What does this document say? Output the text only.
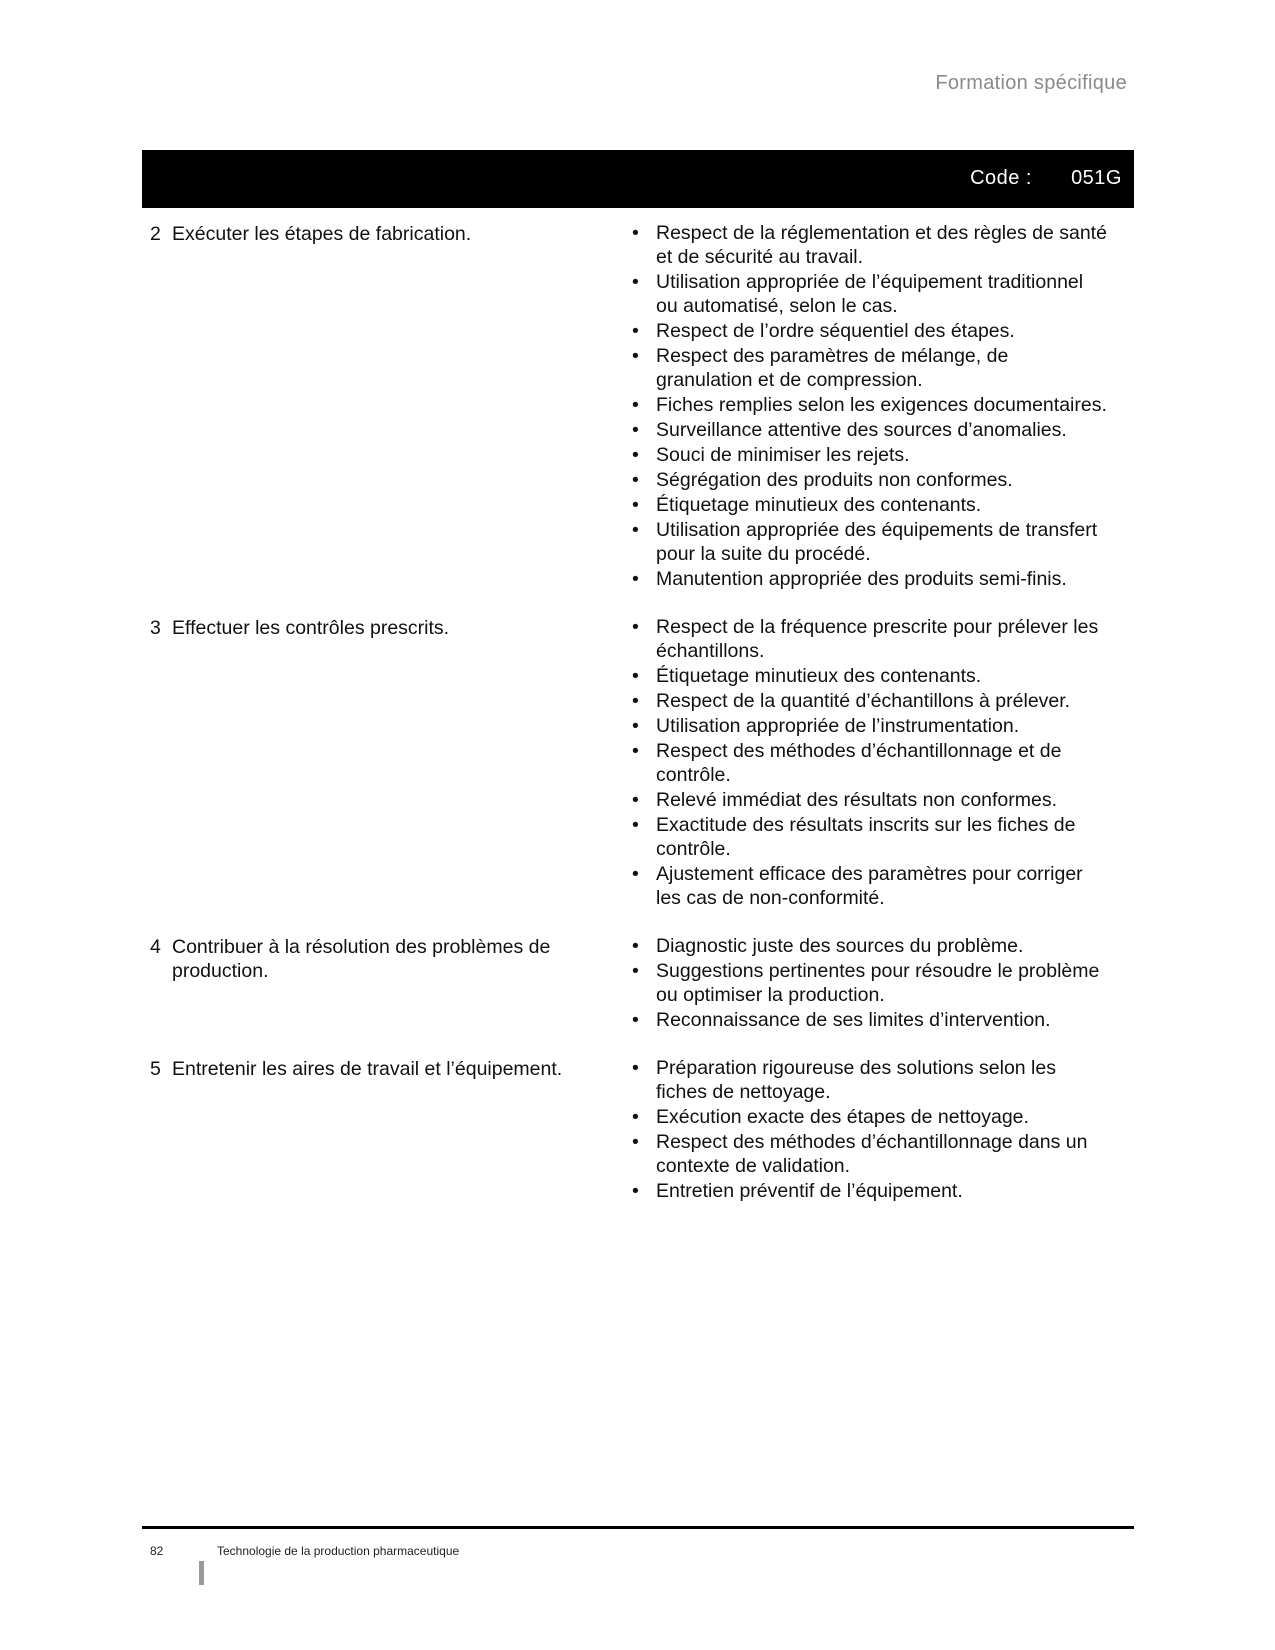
Formation spécifique
Code : 051G
2 Exécuter les étapes de fabrication.	• Respect de la réglementation et des règles de santé et de sécurité au travail.
• Utilisation appropriée de l’équipement traditionnel ou automatisé, selon le cas.
• Respect de l’ordre séquentiel des étapes.
• Respect des paramètres de mélange, de granulation et de compression.
• Fiches remplies selon les exigences documentaires.
• Surveillance attentive des sources d’anomalies.
• Souci de minimiser les rejets.
• Ségrégation des produits non conformes.
• Étiquetage minutieux des contenants.
• Utilisation appropriée des équipements de transfert pour la suite du procédé.
• Manutention appropriée des produits semi-finis.
3 Effectuer les contrôles prescrits.	• Respect de la fréquence prescrite pour prélever les échantillons.
• Étiquetage minutieux des contenants.
• Respect de la quantité d’échantillons à prélever.
• Utilisation appropriée de l’instrumentation.
• Respect des méthodes d’échantillonnage et de contrôle.
• Relevé immédiat des résultats non conformes.
• Exactitude des résultats inscrits sur les fiches de contrôle.
• Ajustement efficace des paramètres pour corriger les cas de non-conformité.
4 Contribuer à la résolution des problèmes de production.
• Diagnostic juste des sources du problème.
• Suggestions pertinentes pour résoudre le problème ou optimiser la production.
• Reconnaissance de ses limites d’intervention.
5 Entretenir les aires de travail et l’équipement.	• Préparation rigoureuse des solutions selon les fiches de nettoyage.
• Exécution exacte des étapes de nettoyage.
• Respect des méthodes d’échantillonnage dans un contexte de validation.
• Entretien préventif de l’équipement.
82	Technologie de la production pharmaceutique
